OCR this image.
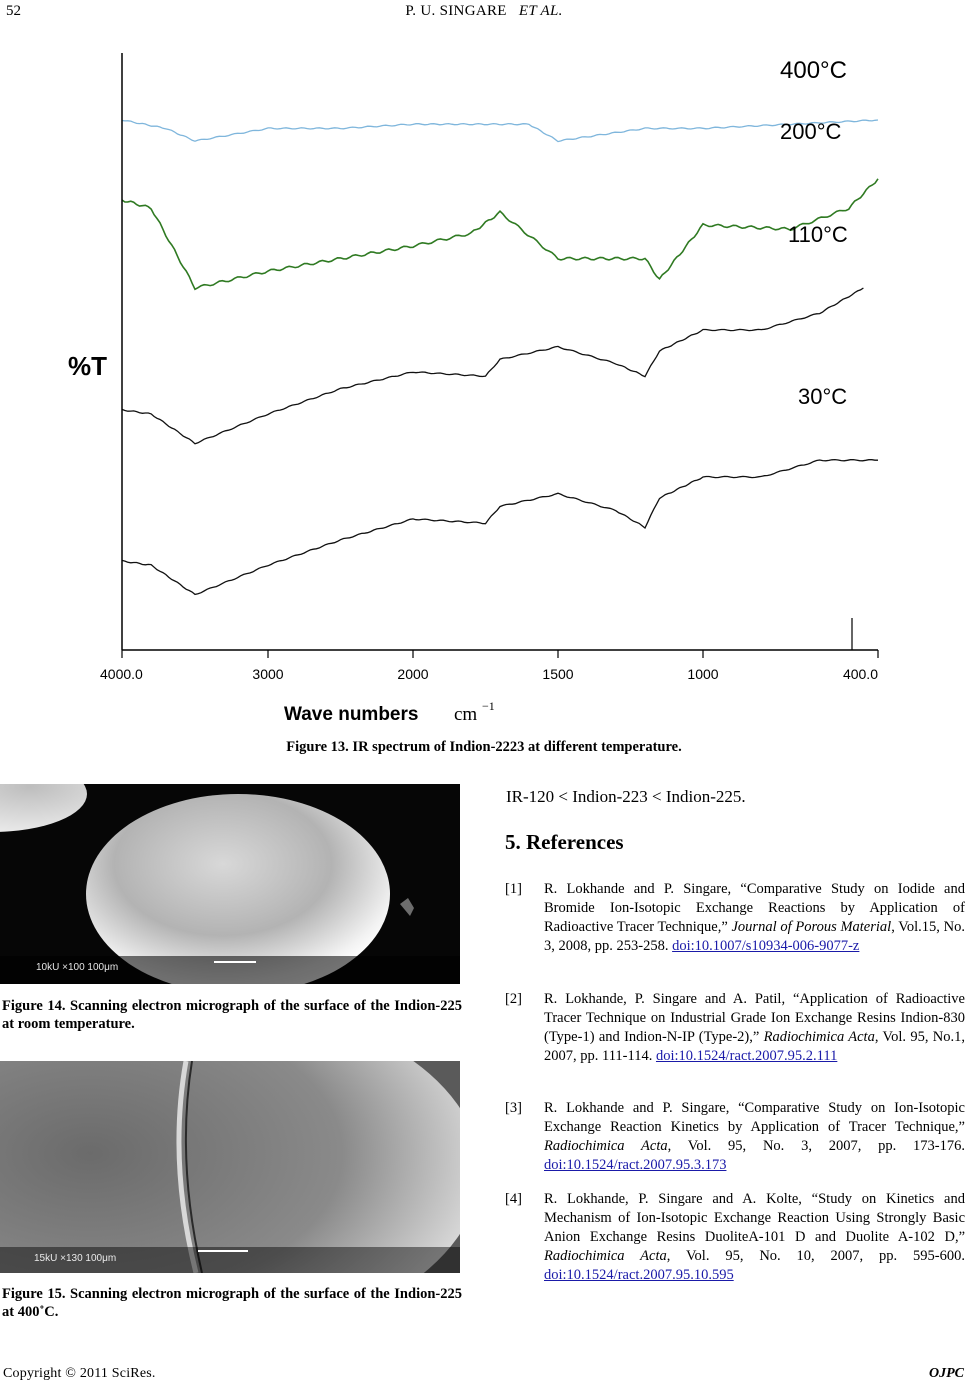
52	P. U. SINGARE ET AL.
4000.0	3000	2000	1500	1000	400.0
400°C
200°C
110°C
30°C
%T
Wave numbers cm −1
Figure 13. IR spectrum of Indion-2223 at different temperature.
10kU ×100 100μm
Figure 14. Scanning electron micrograph of the surface of the Indion-225 at room temperature.
15kU ×130 100μm
Figure 15. Scanning electron micrograph of the surface of the Indion-225 at 400˚C.
IR-120 < Indion-223 < Indion-225.
5. References
[1] R. Lokhande and P. Singare, “Comparative Study on Iodide and Bromide Ion-Isotopic Exchange Reactions by Application of Radioactive Tracer Technique,” Journal of Porous Material, Vol.15, No. 3, 2008, pp. 253-258. doi:10.1007/s10934-006-9077-z
[2] R. Lokhande, P. Singare and A. Patil, “Application of Radioactive Tracer Technique on Industrial Grade Ion Exchange Resins Indion-830 (Type-1) and Indion-N-IP (Type-2),” Radiochimica Acta, Vol. 95, No.1, 2007, pp. 111-114. doi:10.1524/ract.2007.95.2.111
[3] R. Lokhande and P. Singare, “Comparative Study on Ion-Isotopic Exchange Reaction Kinetics by Application of Tracer Technique,” Radiochimica Acta, Vol. 95, No. 3, 2007, pp. 173-176. doi:10.1524/ract.2007.95.3.173
[4] R. Lokhande, P. Singare and A. Kolte, “Study on Kinetics and Mechanism of Ion-Isotopic Exchange Reaction Using Strongly Basic Anion Exchange Resins DuoliteA-101 D and Duolite A-102 D,” Radiochimica Acta, Vol. 95, No. 10, 2007, pp. 595-600. doi:10.1524/ract.2007.95.10.595
Copyright © 2011 SciRes.	OJPC
